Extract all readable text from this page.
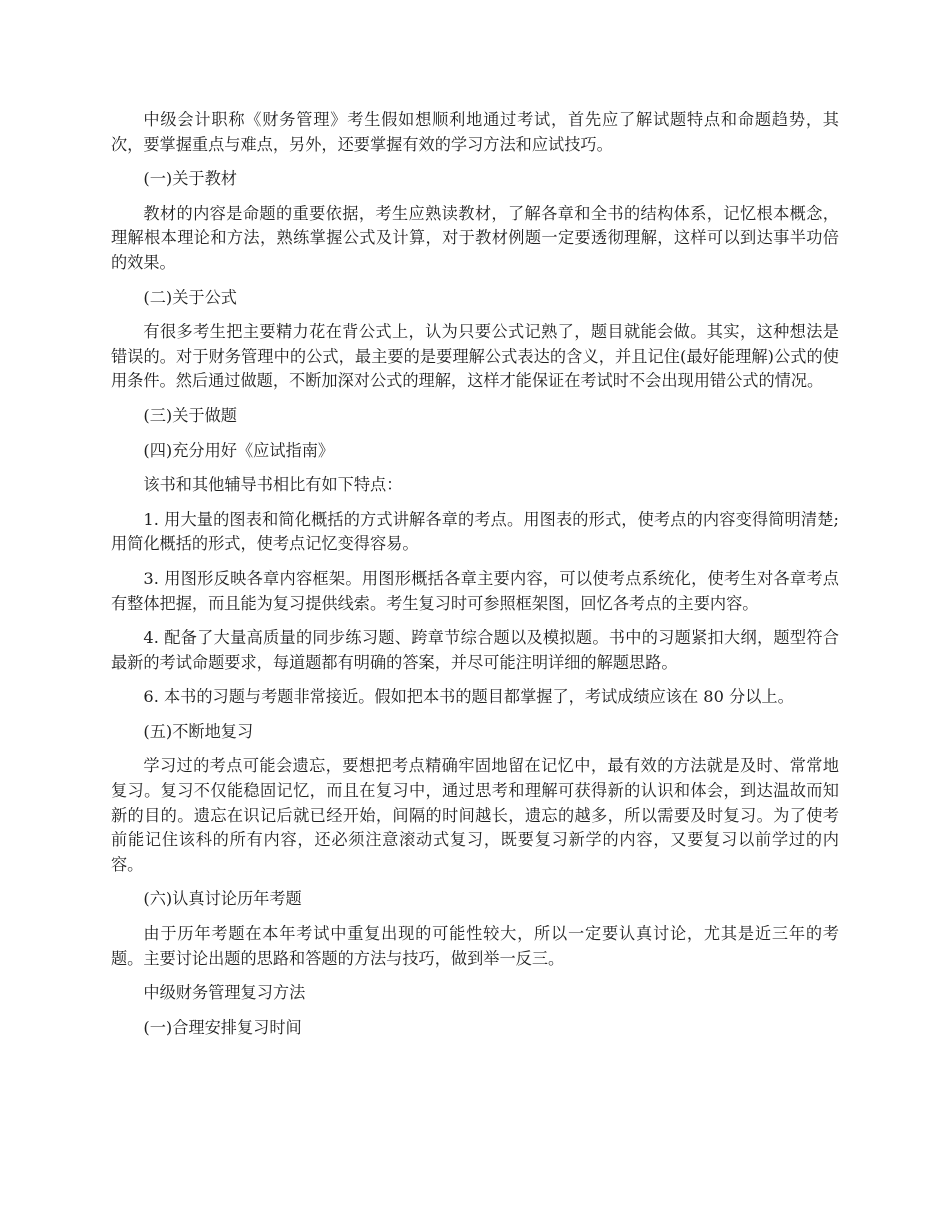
中级会计职称《财务管理》考生假如想顺利地通过考试，首先应了解试题特点和命题趋势，其次，要掌握重点与难点，另外，还要掌握有效的学习方法和应试技巧。

(一)关于教材

教材的内容是命题的重要依据，考生应熟读教材，了解各章和全书的结构体系，记忆根本概念，理解根本理论和方法，熟练掌握公式及计算，对于教材例题一定要透彻理解，这样可以到达事半功倍的效果。

(二)关于公式

有很多考生把主要精力花在背公式上，认为只要公式记熟了，题目就能会做。其实，这种想法是错误的。对于财务管理中的公式，最主要的是要理解公式表达的含义，并且记住(最好能理解)公式的使用条件。然后通过做题，不断加深对公式的理解，这样才能保证在考试时不会出现用错公式的情况。

(三)关于做题

(四)充分用好《应试指南》

该书和其他辅导书相比有如下特点：

1. 用大量的图表和简化概括的方式讲解各章的考点。用图表的形式，使考点的内容变得简明清楚;用简化概括的形式，使考点记忆变得容易。

3. 用图形反映各章内容框架。用图形概括各章主要内容，可以使考点系统化，使考生对各章考点有整体把握，而且能为复习提供线索。考生复习时可参照框架图，回忆各考点的主要内容。

4. 配备了大量高质量的同步练习题、跨章节综合题以及模拟题。书中的习题紧扣大纲，题型符合最新的考试命题要求，每道题都有明确的答案，并尽可能注明详细的解题思路。

6. 本书的习题与考题非常接近。假如把本书的题目都掌握了，考试成绩应该在 80 分以上。

(五)不断地复习

学习过的考点可能会遗忘，要想把考点精确牢固地留在记忆中，最有效的方法就是及时、常常地复习。复习不仅能稳固记忆，而且在复习中，通过思考和理解可获得新的认识和体会，到达温故而知新的目的。遗忘在识记后就已经开始，间隔的时间越长，遗忘的越多，所以需要及时复习。为了使考前能记住该科的所有内容，还必须注意滚动式复习，既要复习新学的内容，又要复习以前学过的内容。

(六)认真讨论历年考题

由于历年考题在本年考试中重复出现的可能性较大，所以一定要认真讨论，尤其是近三年的考题。主要讨论出题的思路和答题的方法与技巧，做到举一反三。

中级财务管理复习方法

(一)合理安排复习时间
